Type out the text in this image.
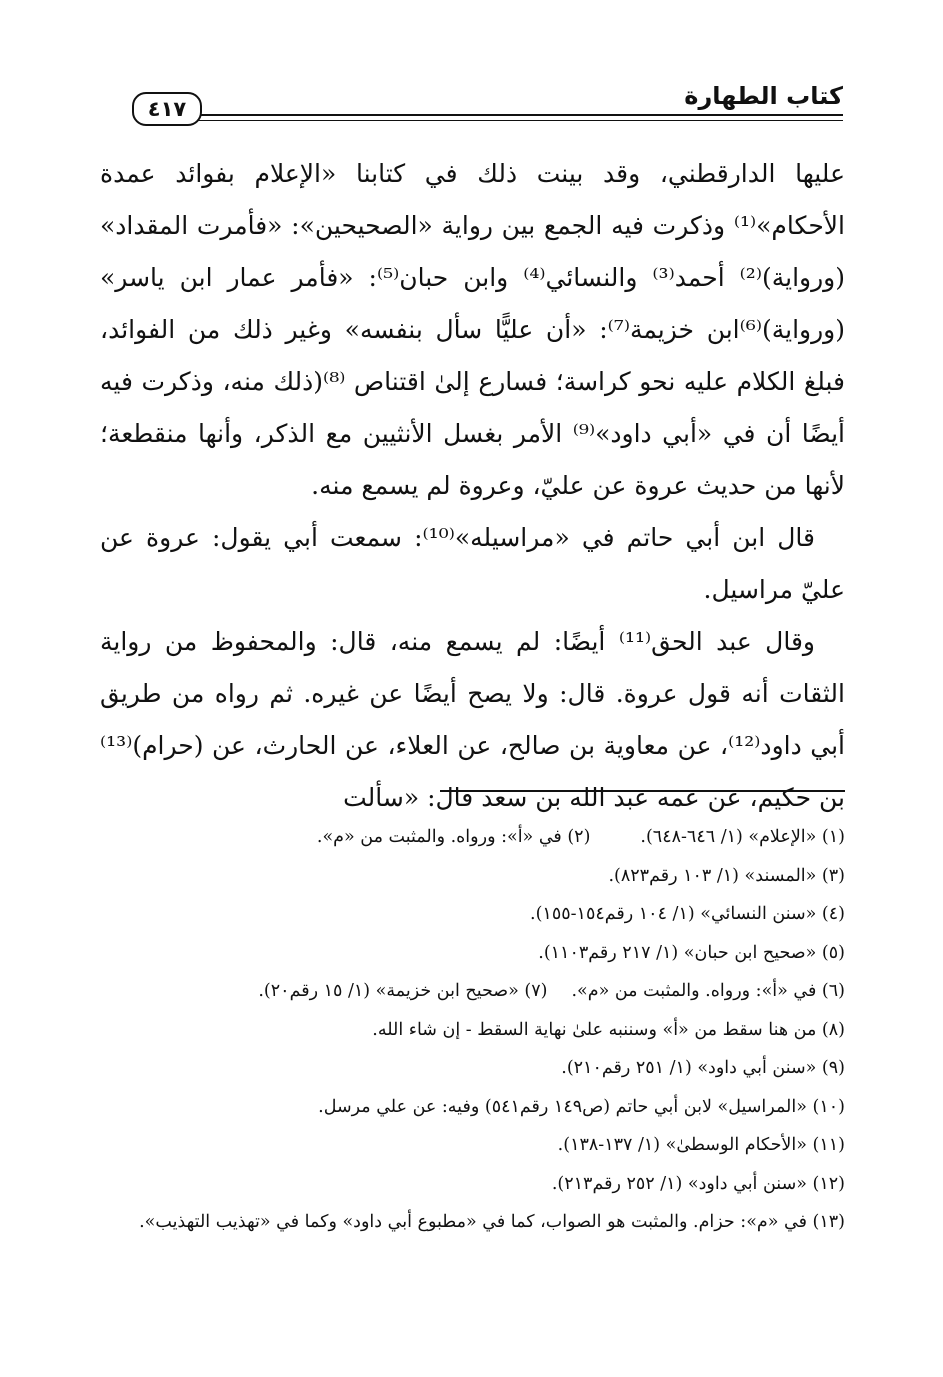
كتاب الطهارة
٤١٧

عليها الدارقطني، وقد بينت ذلك في كتابنا «الإعلام بفوائد عمدة الأحكام»⁽¹⁾ وذكرت فيه الجمع بين رواية «الصحيحين»: «فأمرت المقداد» (ورواية)⁽²⁾ أحمد⁽³⁾ والنسائي⁽⁴⁾ وابن حبان⁽⁵⁾: «فأمر عمار ابن ياسر» (ورواية)⁽⁶⁾ابن خزيمة⁽⁷⁾: «أن عليًّا سأل بنفسه» وغير ذلك من الفوائد، فبلغ الكلام عليه نحو كراسة؛ فسارع إلىٰ اقتناص ⁽⁸⁾(ذلك منه، وذكرت فيه أيضًا أن في «أبي داود»⁽⁹⁾ الأمر بغسل الأنثيين مع الذكر، وأنها منقطعة؛ لأنها من حديث عروة عن عليّ، وعروة لم يسمع منه.

قال ابن أبي حاتم في «مراسيله»⁽¹⁰⁾: سمعت أبي يقول: عروة عن عليّ مراسيل.

وقال عبد الحق⁽¹¹⁾ أيضًا: لم يسمع منه، قال: والمحفوظ من رواية الثقات أنه قول عروة. قال: ولا يصح أيضًا عن غيره. ثم رواه من طريق أبي داود⁽¹²⁾، عن معاوية بن صالح، عن العلاء، عن الحارث، عن (حرام)⁽¹³⁾ بن حكيم، عن عمه عبد الله بن سعد قال: «سألت

(١) «الإعلام» (١/ ٦٤٦-٦٤٨).(٢) في «أ»: ورواه. والمثبت من «م».
(٣) «المسند» (١/ ١٠٣ رقم٨٢٣).
(٤) «سنن النسائي» (١/ ١٠٤ رقم١٥٤-١٥٥).
(٥) «صحيح ابن حبان» (١/ ٢١٧ رقم١١٠٣).
(٦) في «أ»: ورواه. والمثبت من «م».(٧) «صحيح ابن خزيمة» (١/ ١٥ رقم٢٠).
(٨) من هنا سقط من «أ» وسننبه علىٰ نهاية السقط - إن شاء الله.
(٩) «سنن أبي داود» (١/ ٢٥١ رقم٢١٠).
(١٠) «المراسيل» لابن أبي حاتم (ص١٤٩ رقم٥٤١) وفيه: عن علي مرسل.
(١١) «الأحكام الوسطىٰ» (١/ ١٣٧-١٣٨).
(١٢) «سنن أبي داود» (١/ ٢٥٢ رقم٢١٣).
(١٣) في «م»: حزام. والمثبت هو الصواب، كما في «مطبوع أبي داود» وكما في «تهذيب التهذيب».
